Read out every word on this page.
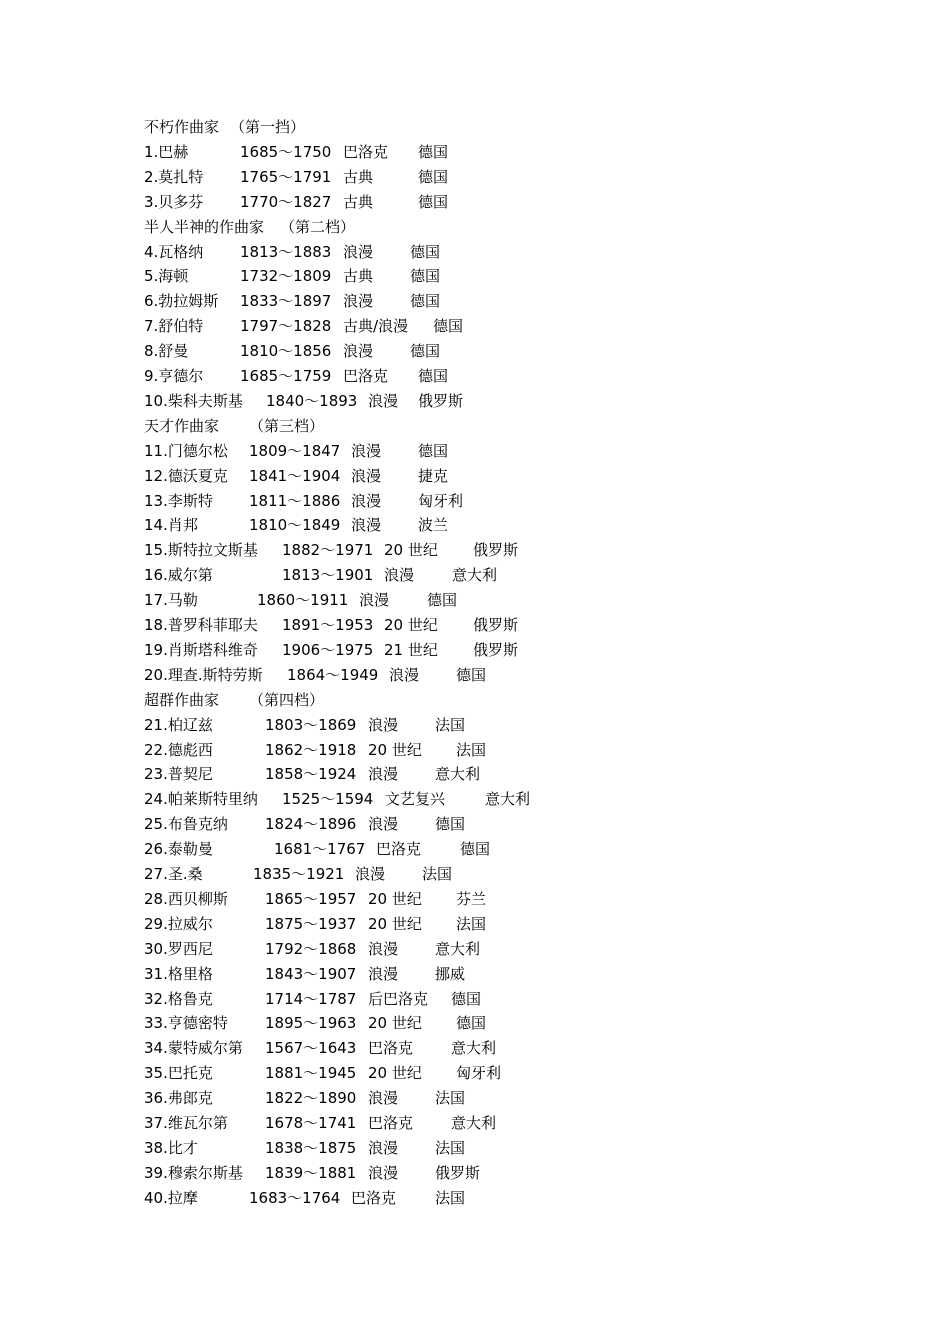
不朽作曲家 （第一挡）
1.巴赫	1685～1750 巴洛克 德国
2.莫扎特 1765～1791 古典	德国
3.贝多芬 1770～1827 古典	德国
半人半神的作曲家 （第二档）
4.瓦格纳 1813～1883 浪漫 德国
5.海顿	1732～1809 古典 德国
6.勃拉姆斯 1833～1897 浪漫 德国
7.舒伯特 1797～1828 古典/浪漫 德国
8.舒曼	1810～1856 浪漫 德国
9.亨德尔 1685～1759 巴洛克 德国
10.柴科夫斯基 1840～1893 浪漫 俄罗斯
天才作曲家 （第三档）
11.门德尔松 1809～1847 浪漫 德国
12.德沃夏克 1841～1904 浪漫 捷克
13.李斯特 1811～1886 浪漫 匈牙利
14.肖邦	1810～1849 浪漫 波兰
15.斯特拉文斯基 1882～1971 20 世纪 俄罗斯
16.威尔第	1813～1901 浪漫	意大利
17.马勒	1860～1911 浪漫	德国
18.普罗科菲耶夫 1891～1953 20 世纪 俄罗斯
19.肖斯塔科维奇 1906～1975 21 世纪 俄罗斯
20.理查.斯特劳斯 1864～1949 浪漫 德国
超群作曲家 （第四档）
21.柏辽兹	1803～1869 浪漫 法国
22.德彪西	1862～1918 20 世纪 法国
23.普契尼	1858～1924 浪漫 意大利
24.帕莱斯特里纳 1525～1594 文艺复兴	意大利
25.布鲁克纳 1824～1896 浪漫 德国
26.泰勒曼	1681～1767 巴洛克	德国
27.圣.桑	1835～1921 浪漫 法国
28.西贝柳斯 1865～1957 20 世纪 芬兰
29.拉威尔	1875～1937 20 世纪 法国
30.罗西尼	1792～1868 浪漫 意大利
31.格里格	1843～1907 浪漫 挪威
32.格鲁克	1714～1787 后巴洛克 德国
33.亨德密特 1895～1963 20 世纪 德国
34.蒙特威尔第 1567～1643 巴洛克	意大利
35.巴托克	1881～1945 20 世纪 匈牙利
36.弗郎克	1822～1890 浪漫 法国
37.维瓦尔第 1678～1741 巴洛克	意大利
38.比才	1838～1875 浪漫 法国
39.穆索尔斯基 1839～1881 浪漫 俄罗斯
40.拉摩	1683～1764 巴洛克	法国
